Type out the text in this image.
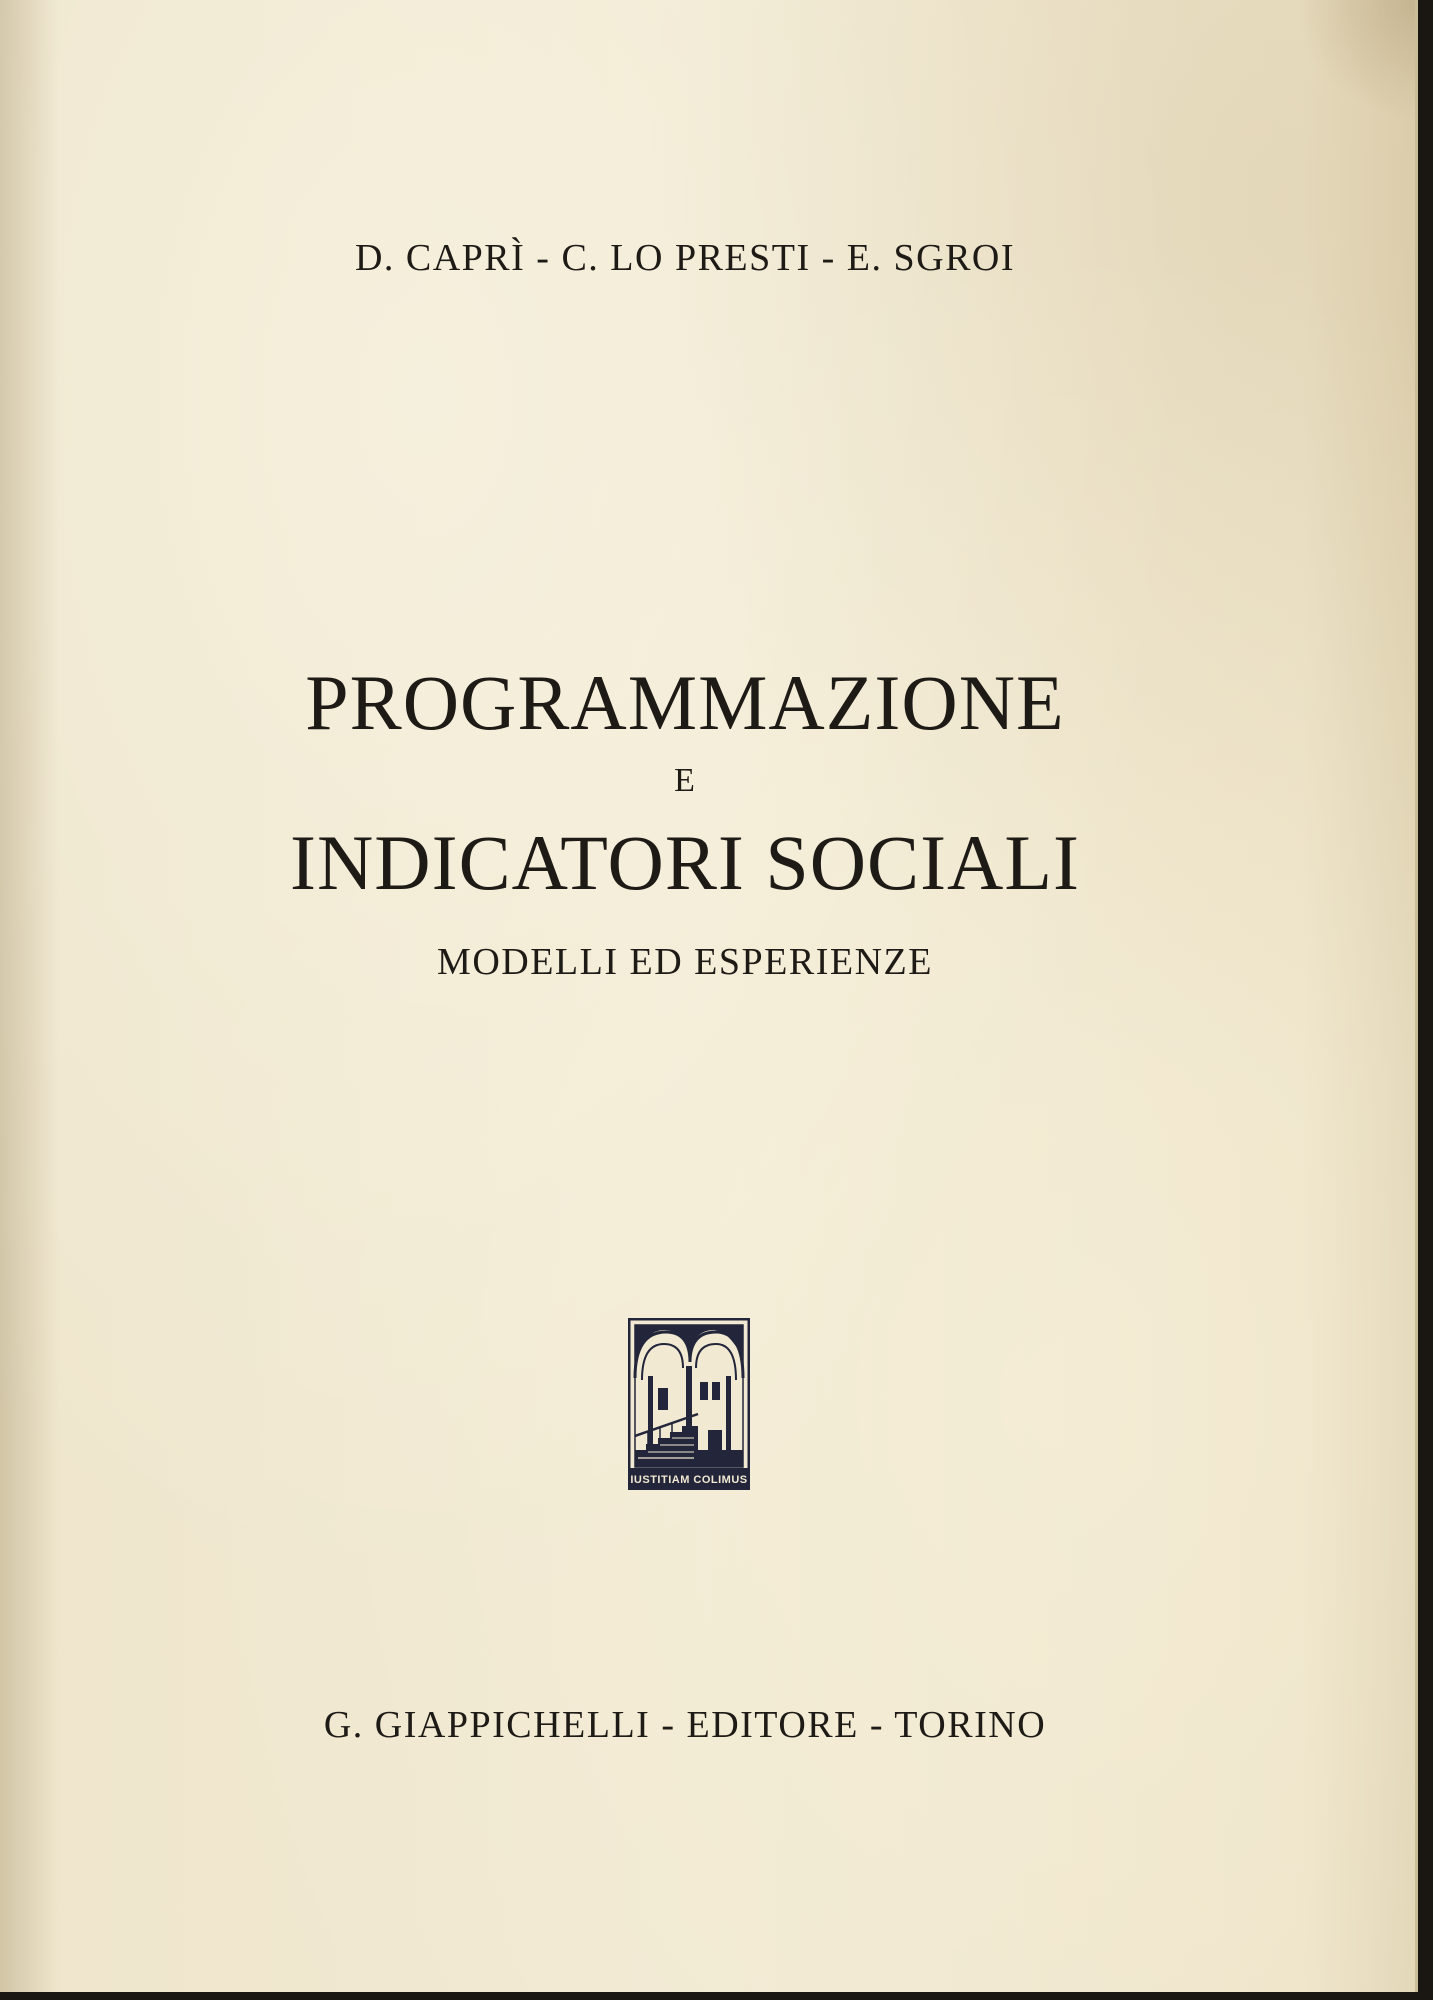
D. CAPRÌ - C. LO PRESTI - E. SGROI
PROGRAMMAZIONE
E
INDICATORI SOCIALI
MODELLI ED ESPERIENZE
IUSTITIAM COLIMUS
G. GIAPPICHELLI - EDITORE - TORINO
